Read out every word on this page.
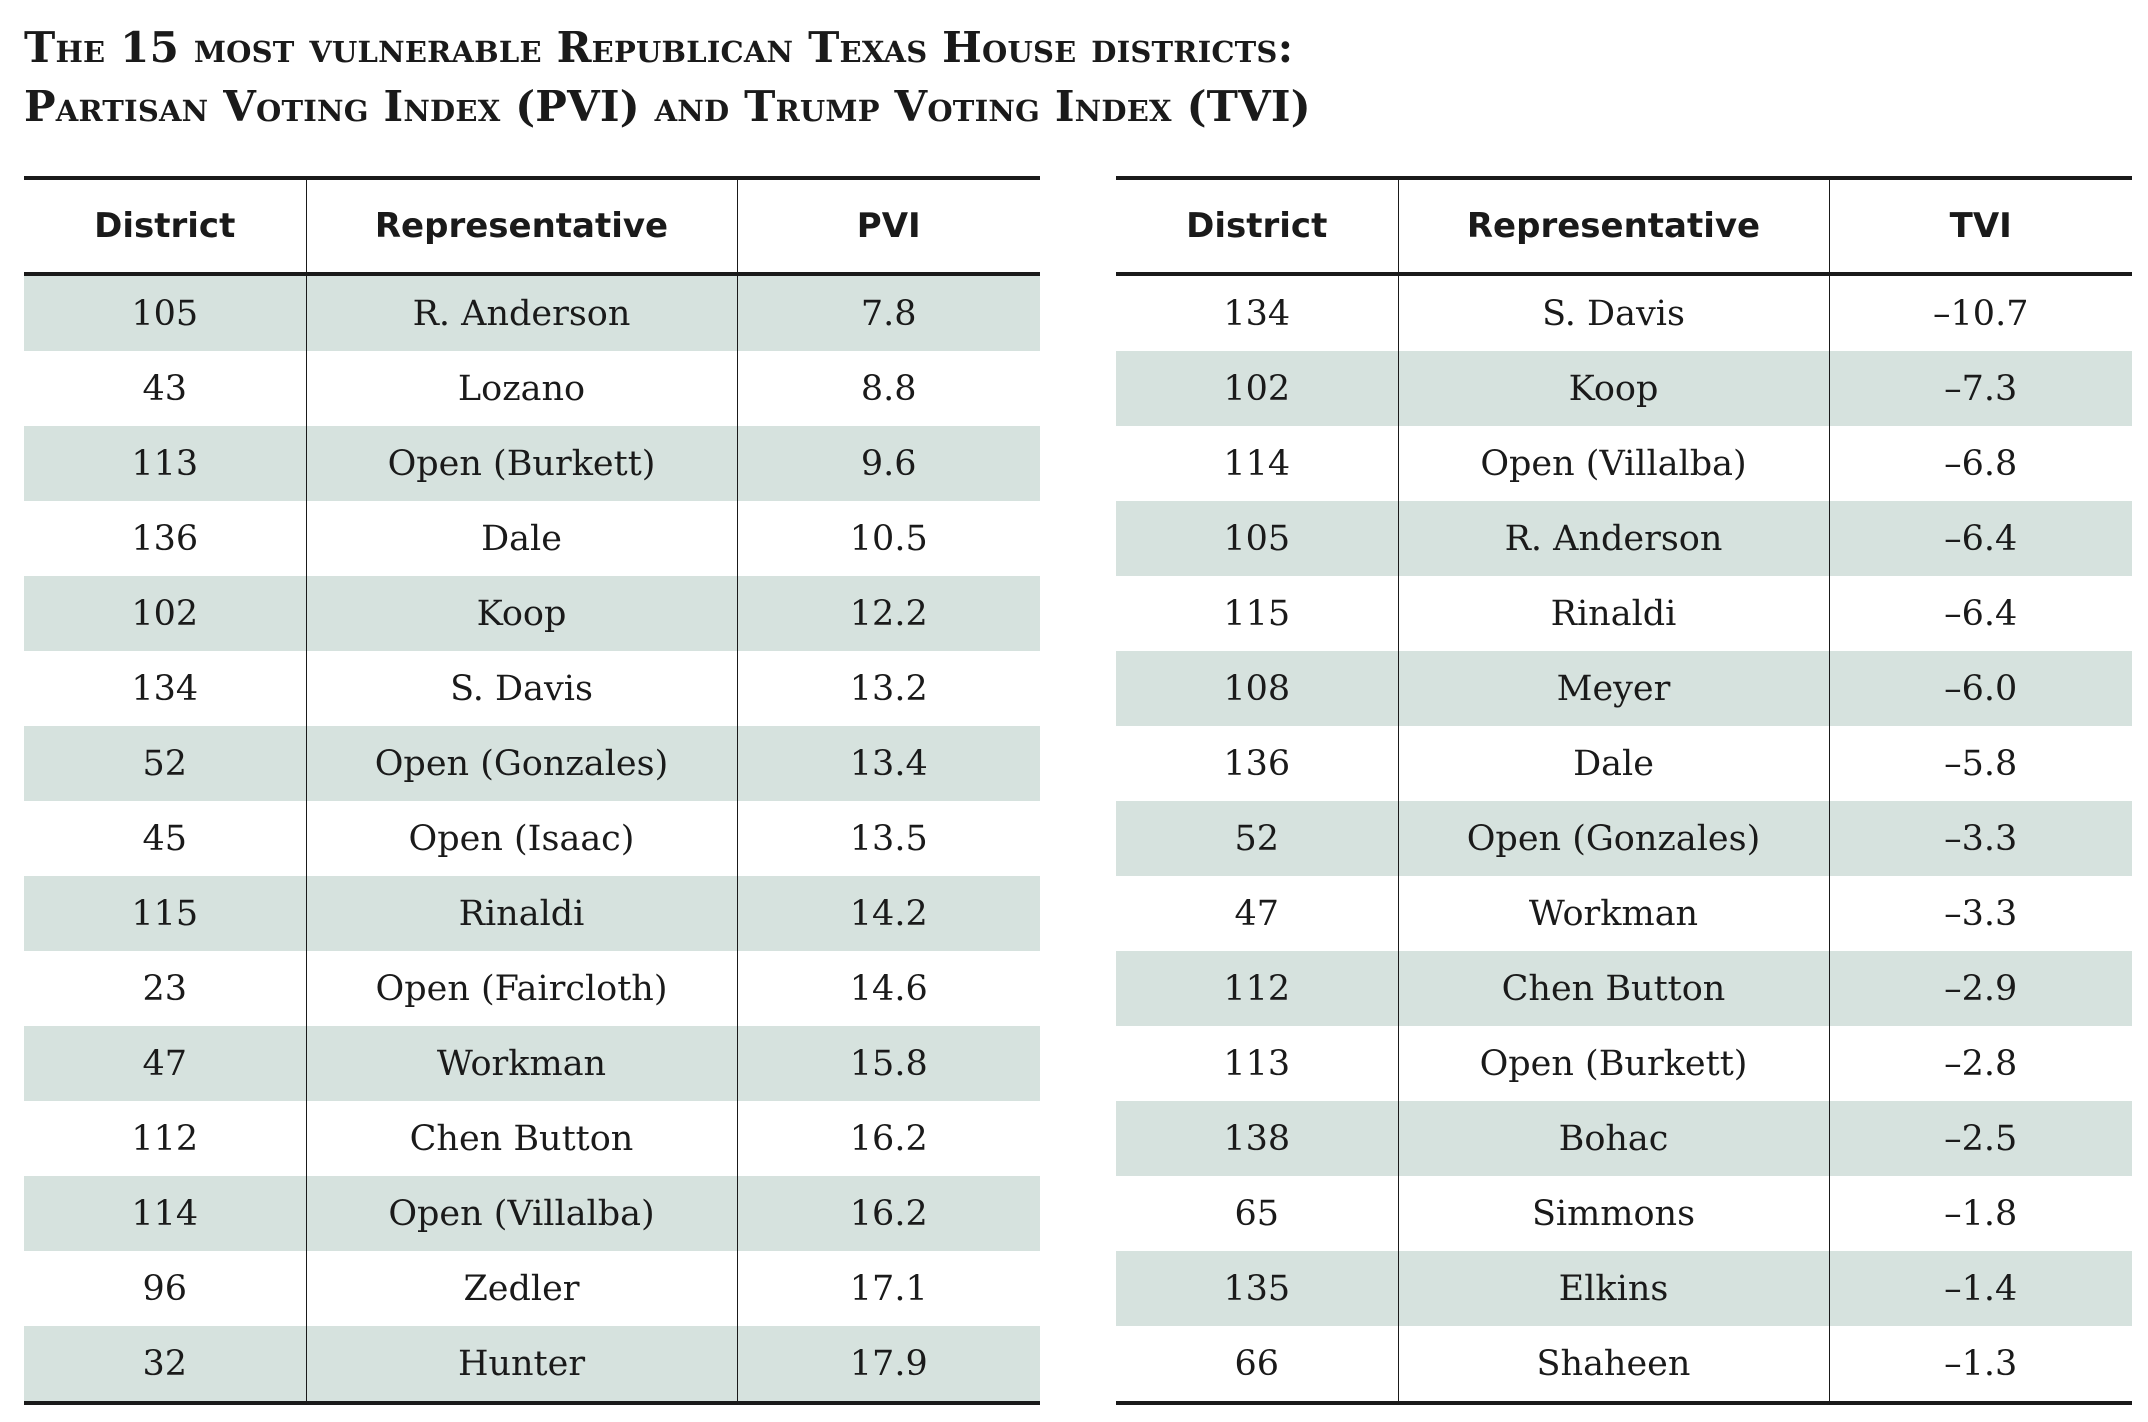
The 15 most vulnerable Republican Texas House districts:
Partisan Voting Index (PVI) and Trump Voting Index (TVI)
District	Representative	PVI
105	R. Anderson	7.8
43	Lozano	8.8
113	Open (Burkett)	9.6
136	Dale	10.5
102	Koop	12.2
134	S. Davis	13.2
52	Open (Gonzales)	13.4
45	Open (Isaac)	13.5
115	Rinaldi	14.2
23	Open (Faircloth)	14.6
47	Workman	15.8
112	Chen Button	16.2
114	Open (Villalba)	16.2
96	Zedler	17.1
32	Hunter	17.9
District	Representative	TVI
134	S. Davis	–10.7
102	Koop	–7.3
114	Open (Villalba)	–6.8
105	R. Anderson	–6.4
115	Rinaldi	–6.4
108	Meyer	–6.0
136	Dale	–5.8
52	Open (Gonzales)	–3.3
47	Workman	–3.3
112	Chen Button	–2.9
113	Open (Burkett)	–2.8
138	Bohac	–2.5
65	Simmons	–1.8
135	Elkins	–1.4
66	Shaheen	–1.3
